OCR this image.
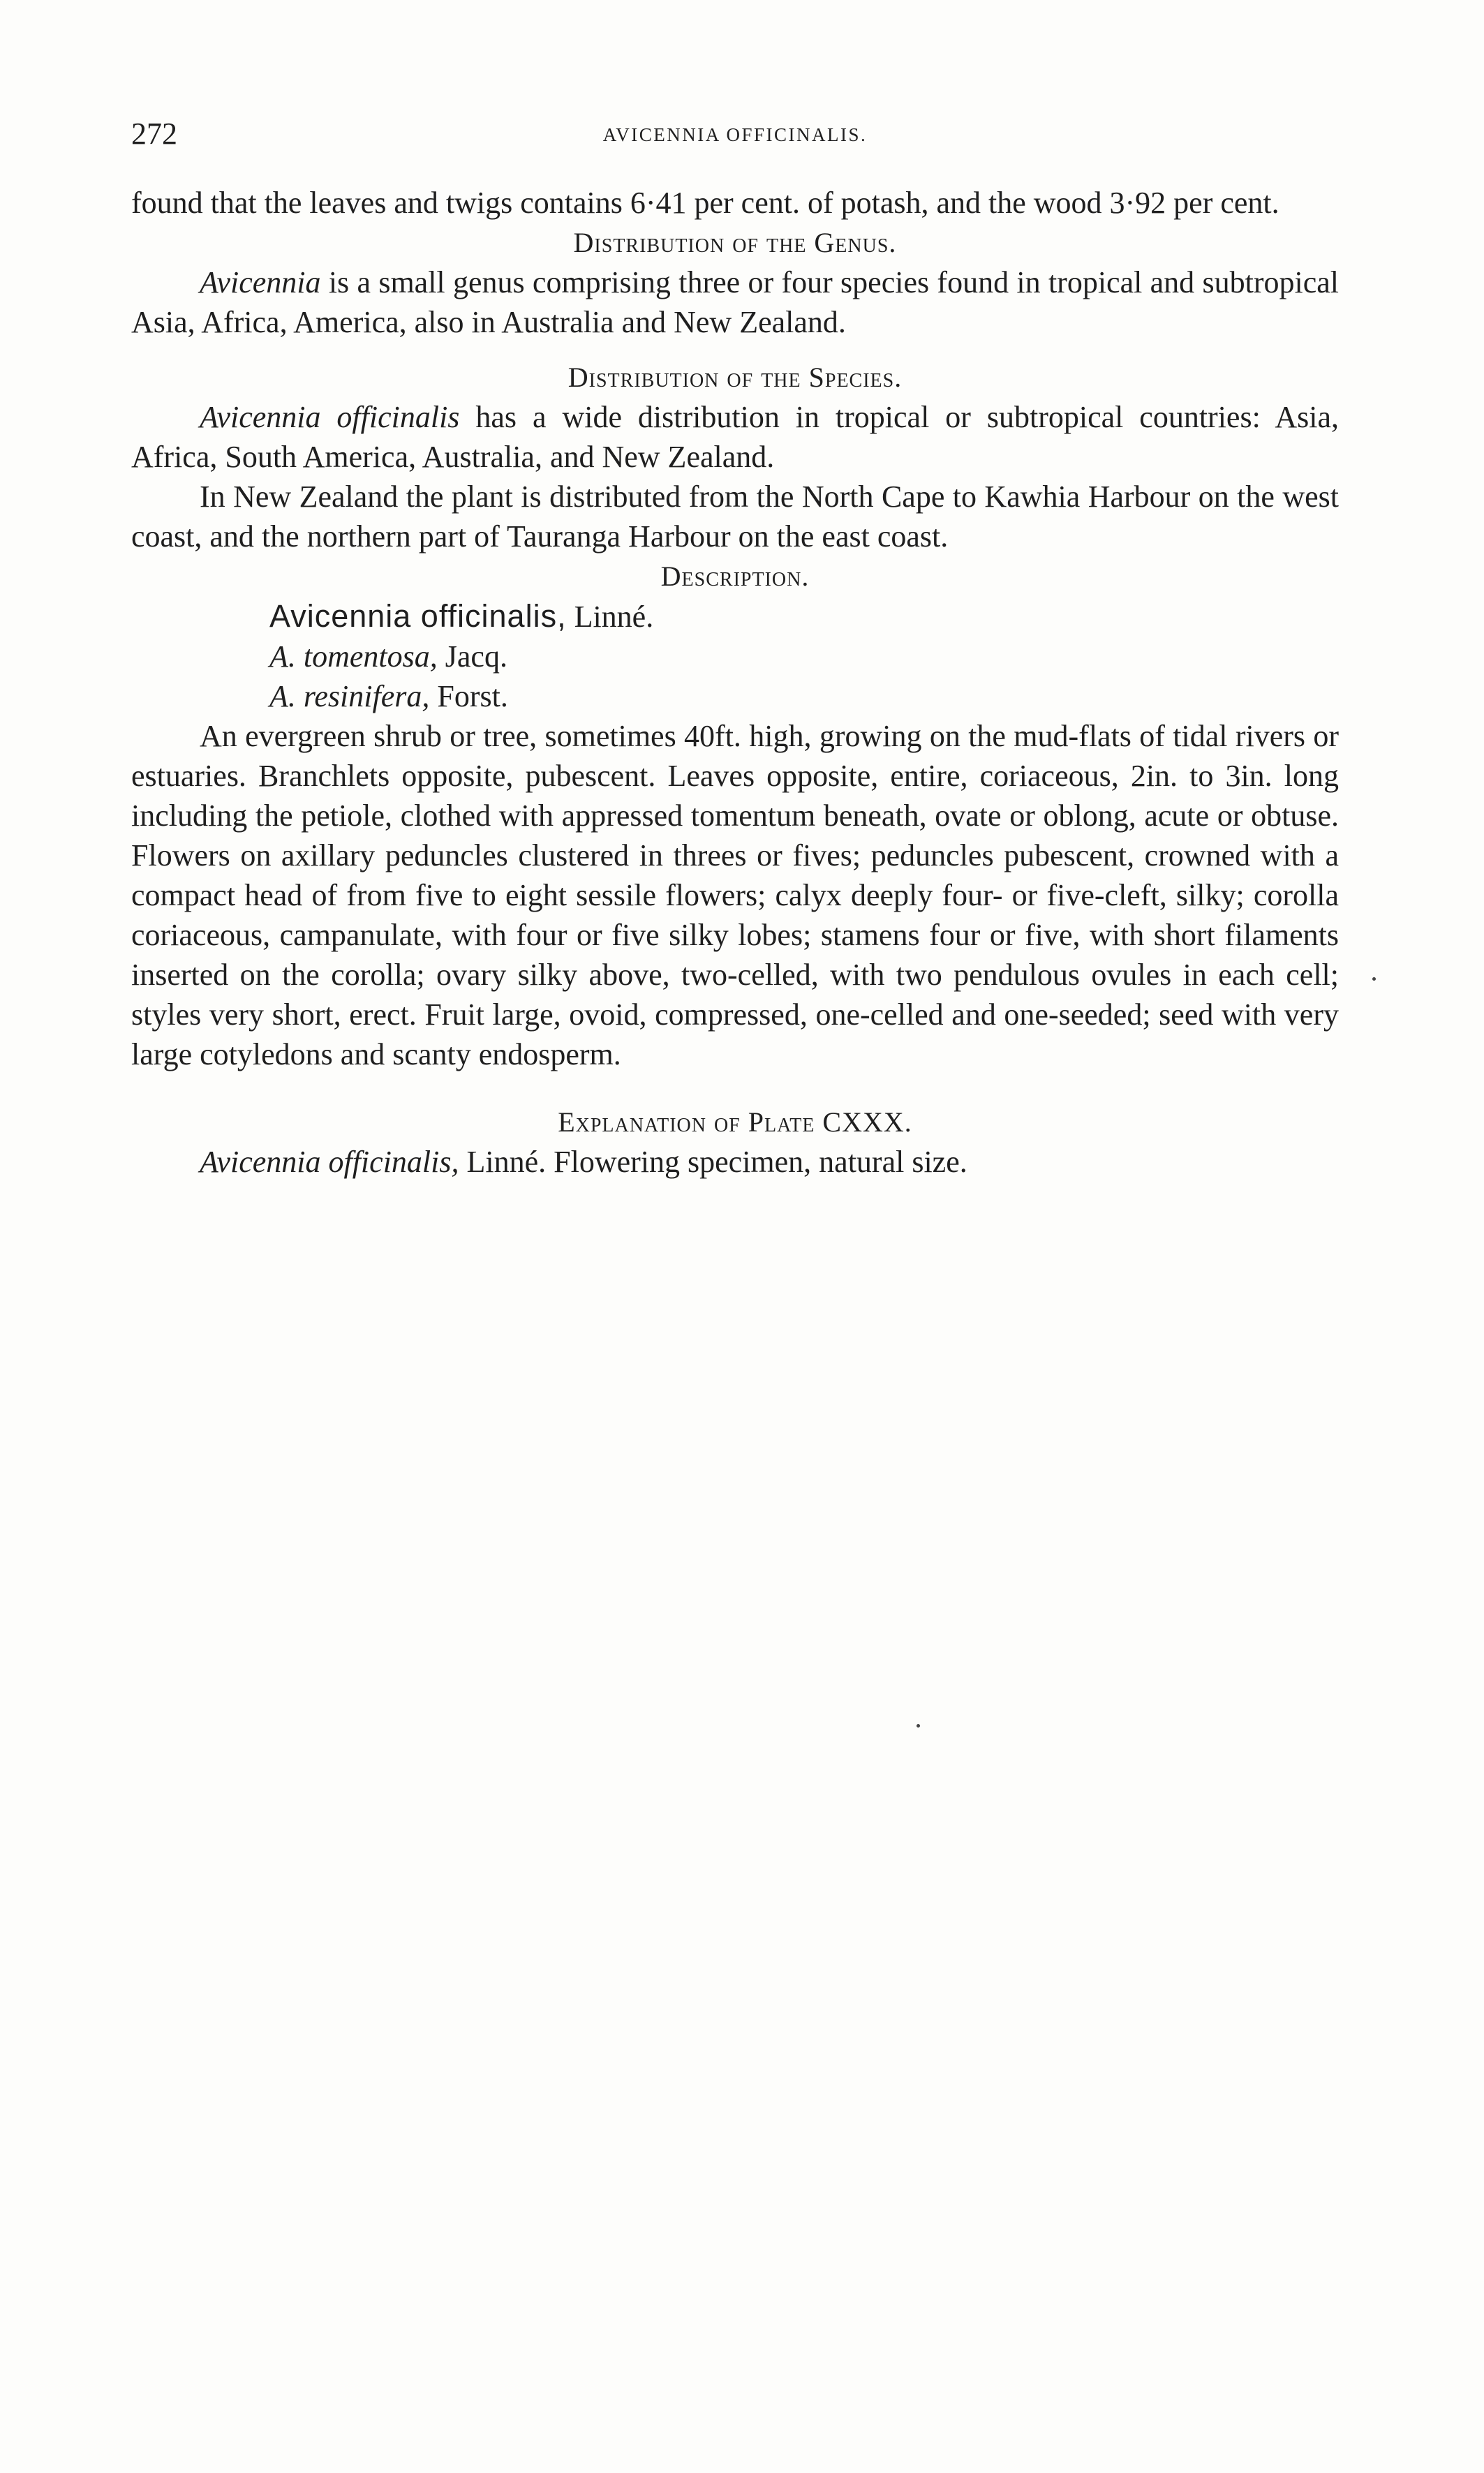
272	AVICENNIA OFFICINALIS.

found that the leaves and twigs contains 6·41 per cent. of potash, and the wood 3·92 per cent.

Distribution of the Genus.

Avicennia is a small genus comprising three or four species found in tropical and subtropical Asia, Africa, America, also in Australia and New Zealand.

Distribution of the Species.

Avicennia officinalis has a wide distribution in tropical or subtropical countries: Asia, Africa, South America, Australia, and New Zealand.

In New Zealand the plant is distributed from the North Cape to Kawhia Harbour on the west coast, and the northern part of Tauranga Harbour on the east coast.

Description.
Avicennia officinalis, Linné.
A. tomentosa, Jacq.
A. resinifera, Forst.

An evergreen shrub or tree, sometimes 40ft. high, growing on the mud-flats of tidal rivers or estuaries. Branchlets opposite, pubescent. Leaves opposite, entire, coriaceous, 2in. to 3in. long including the petiole, clothed with appressed tomentum beneath, ovate or oblong, acute or obtuse. Flowers on axillary peduncles clustered in threes or fives; peduncles pubescent, crowned with a compact head of from five to eight sessile flowers; calyx deeply four- or five-cleft, silky; corolla coriaceous, campanulate, with four or five silky lobes; stamens four or five, with short filaments inserted on the corolla; ovary silky above, two-celled, with two pendulous ovules in each cell; styles very short, erect. Fruit large, ovoid, compressed, one-celled and one-seeded; seed with very large cotyledons and scanty endosperm.

Explanation of Plate CXXX.

Avicennia officinalis, Linné. Flowering specimen, natural size.
